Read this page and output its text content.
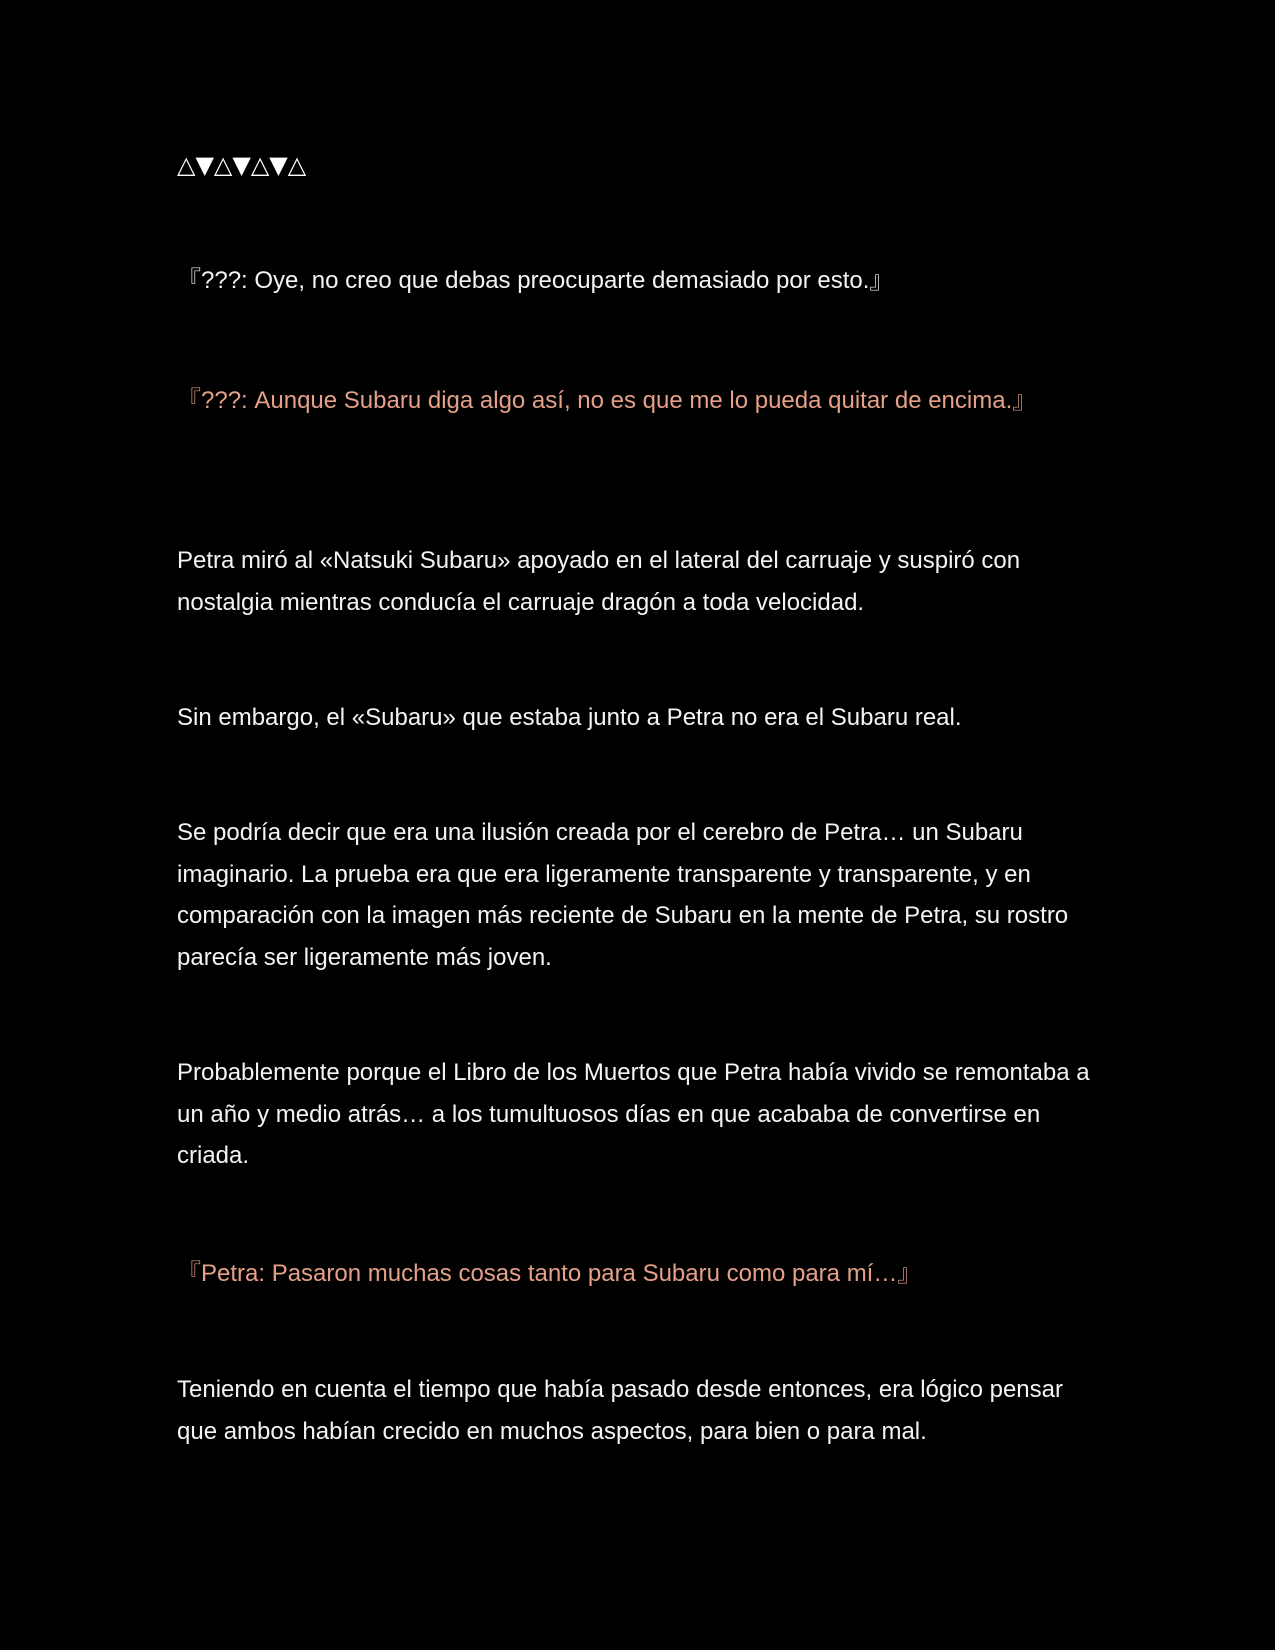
△▼△▼△▼△

『???: Oye, no creo que debas preocuparte demasiado por esto.』

『???: Aunque Subaru diga algo así, no es que me lo pueda quitar de encima.』

Petra miró al «Natsuki Subaru» apoyado en el lateral del carruaje y suspiró con nostalgia mientras conducía el carruaje dragón a toda velocidad.

Sin embargo, el «Subaru» que estaba junto a Petra no era el Subaru real.

Se podría decir que era una ilusión creada por el cerebro de Petra… un Subaru imaginario. La prueba era que era ligeramente transparente y transparente, y en comparación con la imagen más reciente de Subaru en la mente de Petra, su rostro parecía ser ligeramente más joven.

Probablemente porque el Libro de los Muertos que Petra había vivido se remontaba a un año y medio atrás… a los tumultuosos días en que acababa de convertirse en criada.

『Petra: Pasaron muchas cosas tanto para Subaru como para mí…』

Teniendo en cuenta el tiempo que había pasado desde entonces, era lógico pensar que ambos habían crecido en muchos aspectos, para bien o para mal.
